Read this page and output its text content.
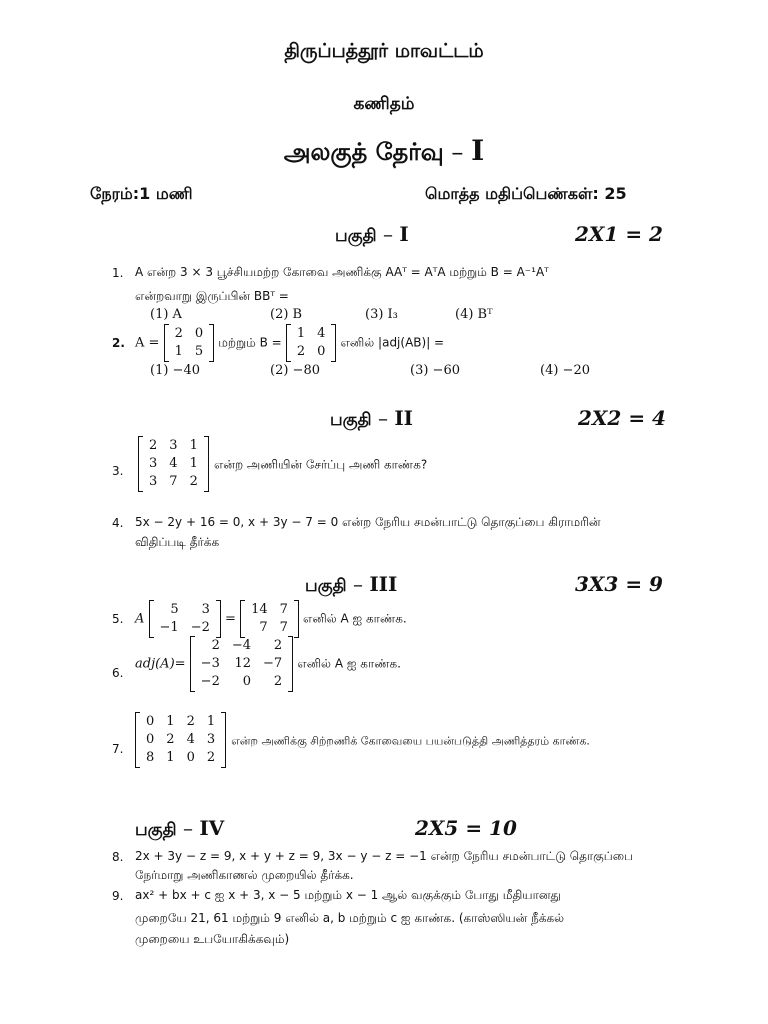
திருப்பத்தூர் மாவட்டம்
கணிதம்
அலகுத் தேர்வு – I
நேரம்:1 மணி	மொத்த மதிப்பெண்கள்: 25
பகுதி – I	2X1 = 2
1. A என்ற 3 × 3 பூச்சியமற்ற கோவை அணிக்கு AAᵀ = AᵀA மற்றும் B = A⁻¹Aᵀ
என்றவாறு இருப்பின் BBᵀ =
(1) A	(2) B	(3) I₃	(4) Bᵀ
2. A =
2	0
1	5
மற்றும் B =
1	4
2	0
எனில் |adj(AB)| =
(1) −40	(2) −80	(3) −60	(4) −20
பகுதி – II	2X2 = 4
3.
2	3	1
3	4	1
3	7	2
என்ற அணியின் சேர்ப்பு அணி காண்க?
4. 5x − 2y + 16 = 0, x + 3y − 7 = 0 என்ற நேரிய சமன்பாட்டு தொகுப்பை கிராமரின்
விதிப்படி தீர்க்க
பகுதி – III	3X3 = 9
5. A
5	3
−1	−2
=
14	7
7	7
எனில் A ஐ காண்க.
6.
adj(A)=
2	−4	2
−3	12	−7
−2	0	2
எனில் A ஐ காண்க.
7.
0	1	2	1
0	2	4	3
8	1	0	2
என்ற அணிக்கு சிற்றணிக் கோவையை பயன்படுத்தி அணித்தரம் காண்க.
பகுதி – IV	2X5 = 10
8. 2x + 3y − z = 9, x + y + z = 9, 3x − y − z = −1 என்ற நேரிய சமன்பாட்டு தொகுப்பை
நேர்மாறு அணிகாணல் முறையில் தீர்க்க.
9. ax² + bx + c ஐ x + 3, x − 5 மற்றும் x − 1 ஆல் வகுக்கும் போது மீதியானது
முறையே 21, 61 மற்றும் 9 எனில் a, b மற்றும் c ஐ காண்க. (காஸ்ஸியன் நீக்கல்
முறையை உபயோகிக்கவும்)
